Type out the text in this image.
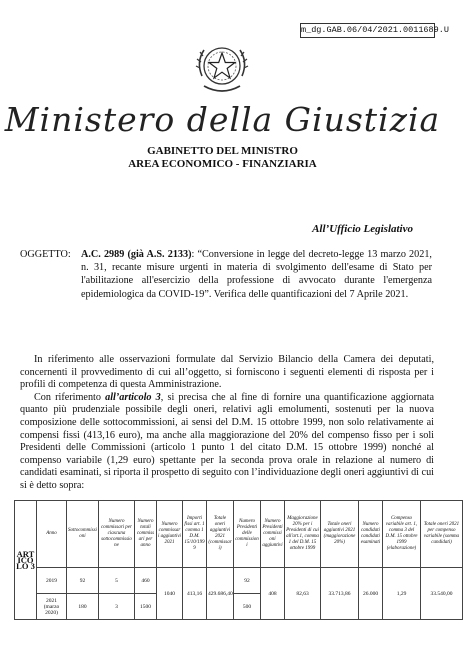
m_dg.GAB.06/04/2021.0011689.U
Ministero della Giustizia
GABINETTO DEL MINISTRO
AREA ECONOMICO - FINANZIARIA
All’Ufficio Legislativo
OGGETTO: A.C. 2989 (già A.S. 2133): “Conversione in legge del decreto-legge 13 marzo 2021, n. 31, recante misure urgenti in materia di svolgimento dell'esame di Stato per l'abilitazione all'esercizio della professione di avvocato durante l'emergenza epidemiologica da COVID-19”. Verifica delle quantificazioni del 7 Aprile 2021.

In riferimento alle osservazioni formulate dal Servizio Bilancio della Camera dei deputati, concernenti il provvedimento di cui all’oggetto, si forniscono i seguenti elementi di risposta per i profili di competenza di questa Amministrazione.

Con riferimento all’articolo 3, si precisa che al fine di fornire una quantificazione aggiornata quanto più prudenziale possibile degli oneri, relativi agli emolumenti, sostenuti per la nuova composizione delle sottocommissioni, ai sensi del D.M. 15 ottobre 1999, non solo relativamente ai compensi fissi (413,16 euro), ma anche alla maggiorazione del 20% del compenso fisso per i soli Presidenti delle Commissioni (articolo 1 punto 1 del citato D.M. 15 ottobre 1999) nonché al compenso variabile (1,29 euro) spettante per la seconda prova orale in relazione al numero di candidati esaminati, si riporta il prospetto di seguito con l’individuazione degli oneri aggiuntivi di cui si è detto sopra:

ARTICOLO 3	Anno	Sottocommissioni	Numero commissari per ciascuna sottocommissione	Numero totali commissari per anno	Numero commissari aggiuntivi 2021	Importi fissi art. 1 comma 1 D.M. 15/10/1999	Totale oneri aggiuntivi 2021 (commissari)	Numero Presidenti delle commissioni	Numero Presidenti commissioni aggiuntivi	Maggiorazione 20% per i Presidenti di cui all'art.1, comma 1 del D.M. 15 ottobre 1999	Totale oneri aggiuntivi 2021 (maggiorazione 20%)	Numero candidati candidati esaminati	Compenso variabile art. 1, comma 3 del D.M. 15 ottobre 1999 (elaborazione)	Totale oneri 2021 per compenso variabile (somma candidati)
	2019	92	5	460	1040	413,16	429.686,40	92	408	82,63	33.713,86	26.000	1,29	33.540,00
	2021 (marzo 2020)	180	3	1500				500						
